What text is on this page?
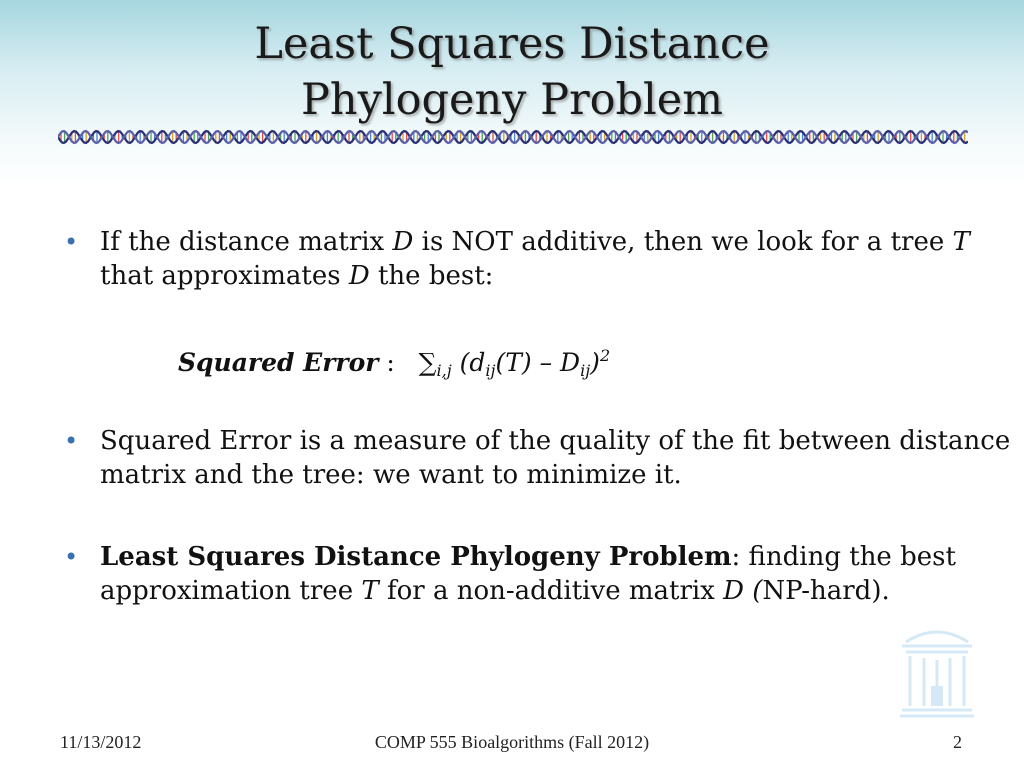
Least Squares Distance
Phylogeny Problem
• If the distance matrix D is NOT additive, then we look for a tree T
that approximates D the best:
Squared Error : $\sum_{i,j}$ $(d_{ij}(T) - D_{ij})^2$
• Squared Error is a measure of the quality of the fit between distance matrix and the tree: we want to minimize it.
• Least Squares Distance Phylogeny Problem: finding the best approximation tree T for a non-additive matrix D (NP-hard).
11/13/2012	COMP 555 Bioalgorithms (Fall 2012)	2
